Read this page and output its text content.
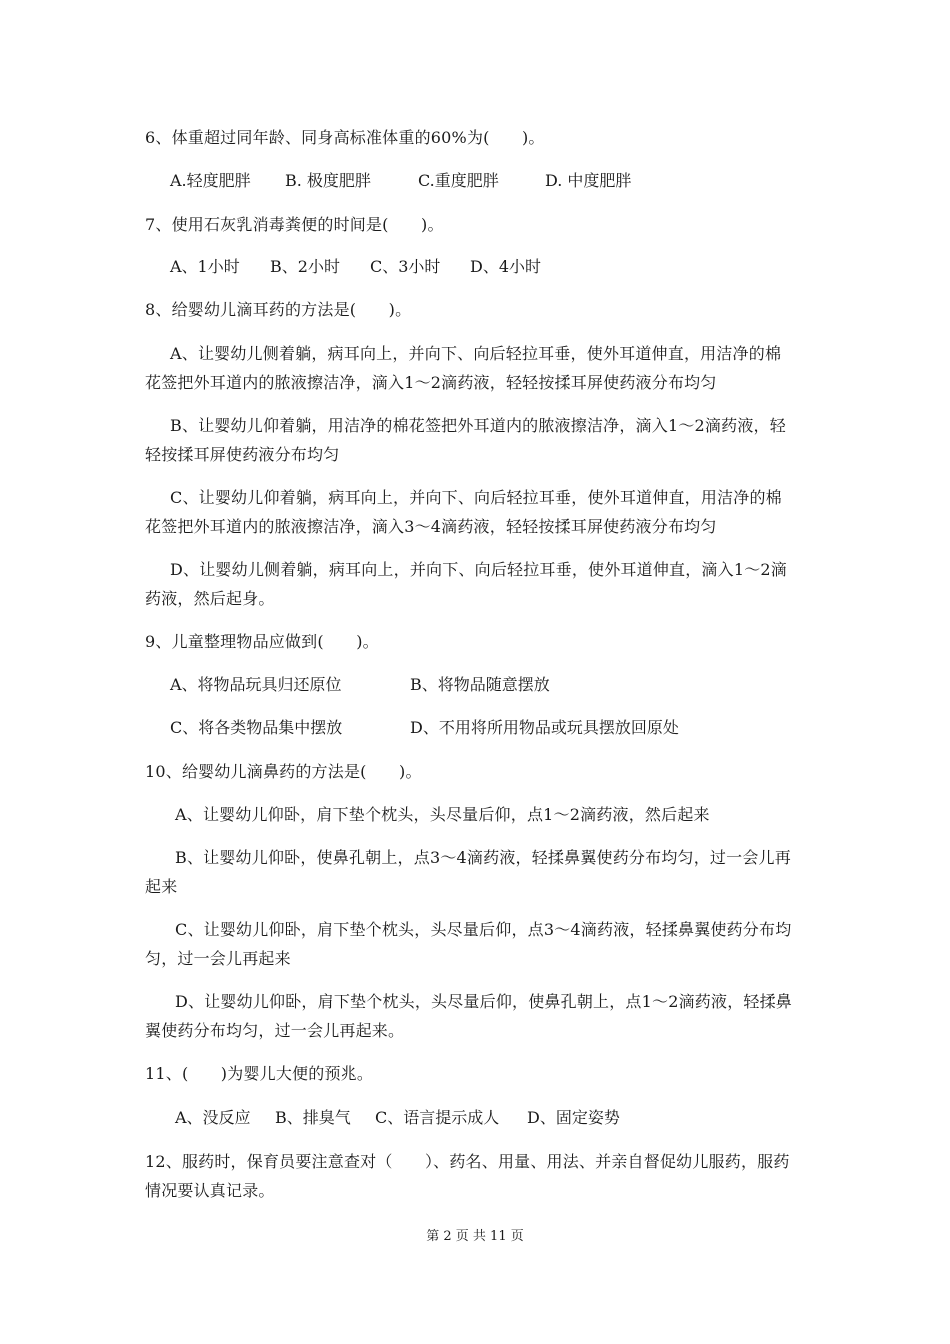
6、体重超过同年龄、同身高标准体重的60%为(　　)。
A.轻度肥胖 B. 极度肥胖	C.重度肥胖	D. 中度肥胖
7、使用石灰乳消毒粪便的时间是(　　)。
A、1小时 B、2小时 C、3小时 D、4小时
8、给婴幼儿滴耳药的方法是(　　)。
A、让婴幼儿侧着躺，病耳向上，并向下、向后轻拉耳垂，使外耳道伸直，用洁净的棉
花签把外耳道内的脓液擦洁净，滴入1～2滴药液，轻轻按揉耳屏使药液分布均匀
B、让婴幼儿仰着躺，用洁净的棉花签把外耳道内的脓液擦洁净，滴入1～2滴药液，轻
轻按揉耳屏使药液分布均匀
C、让婴幼儿仰着躺，病耳向上，并向下、向后轻拉耳垂，使外耳道伸直，用洁净的棉
花签把外耳道内的脓液擦洁净，滴入3～4滴药液，轻轻按揉耳屏使药液分布均匀
D、让婴幼儿侧着躺，病耳向上，并向下、向后轻拉耳垂，使外耳道伸直，滴入1～2滴
药液，然后起身。
9、儿童整理物品应做到(　　)。
A、将物品玩具归还原位	B、将物品随意摆放
C、将各类物品集中摆放	D、不用将所用物品或玩具摆放回原处
10、给婴幼儿滴鼻药的方法是(　　)。
A、让婴幼儿仰卧，肩下垫个枕头，头尽量后仰，点1～2滴药液，然后起来
B、让婴幼儿仰卧，使鼻孔朝上，点3～4滴药液，轻揉鼻翼使药分布均匀，过一会儿再
起来
C、让婴幼儿仰卧，肩下垫个枕头，头尽量后仰，点3～4滴药液，轻揉鼻翼使药分布均
匀，过一会儿再起来
D、让婴幼儿仰卧，肩下垫个枕头，头尽量后仰，使鼻孔朝上，点1～2滴药液，轻揉鼻
翼使药分布均匀，过一会儿再起来。
11、(　　)为婴儿大便的预兆。
A、没反应 B、排臭气 C、语言提示成人 D、固定姿势
12、服药时，保育员要注意查对（　　）、药名、用量、用法、并亲自督促幼儿服药，服药
情况要认真记录。
第 2 页 共 11 页
